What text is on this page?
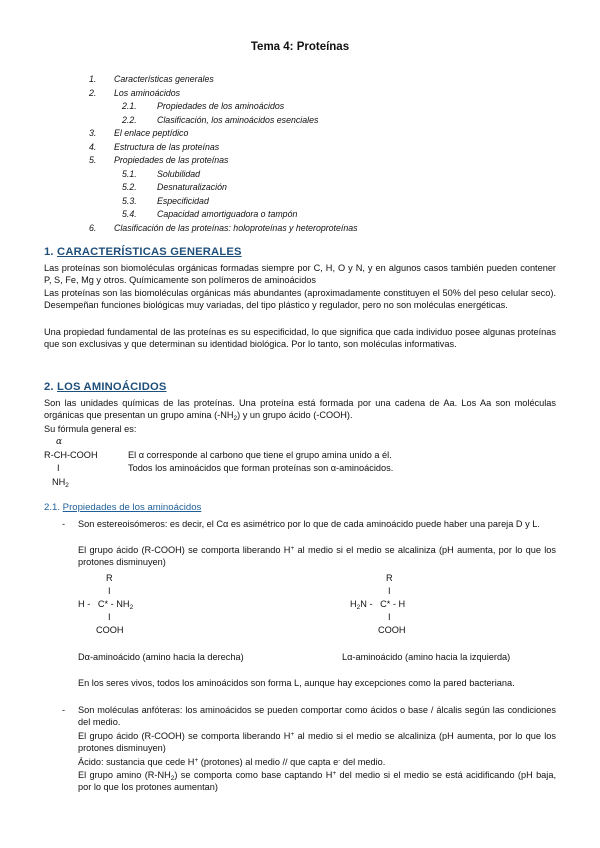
Tema 4: Proteínas
1. Características generales
2. Los aminoácidos
2.1. Propiedades de los aminoácidos
2.2. Clasificación, los aminoácidos esenciales
3. El enlace peptídico
4. Estructura de las proteínas
5. Propiedades de las proteínas
5.1. Solubilidad
5.2. Desnaturalización
5.3. Especificidad
5.4. Capacidad amortiguadora o tampón
6. Clasificación de las proteínas: holoproteínas y heteroproteínas
1. CARACTERÍSTICAS GENERALES
Las proteínas son biomoléculas orgánicas formadas siempre por C, H, O y N, y en algunos casos también pueden contener P, S, Fe, Mg y otros. Químicamente son polímeros de aminoácidos
Las proteínas son las biomoléculas orgánicas más abundantes (aproximadamente constituyen el 50% del peso celular seco). Desempeñan funciones biológicas muy variadas, del tipo plástico y regulador, pero no son moléculas energéticas.
Una propiedad fundamental de las proteínas es su especificidad, lo que significa que cada individuo posee algunas proteínas que son exclusivas y que determinan su identidad biológica. Por lo tanto, son moléculas informativas.
2. LOS AMINOÁCIDOS
Son las unidades químicas de las proteínas. Una proteína está formada por una cadena de Aa. Los Aa son moléculas orgánicas que presentan un grupo amina $(-NH_2)$ y un grupo ácido (-COOH).
Su fórmula general es:
α
R-CH-COOH
I
$NH_2$
El α corresponde al carbono que tiene el grupo amina unido a él.
Todos los aminoácidos que forman proteínas son α-aminoácidos.
2.1. Propiedades de los aminoácidos
- Son estereoisómeros: es decir, el Cα es asimétrico por lo que de cada aminoácido puede haber una pareja D y L.
El grupo ácido (R-COOH) se comporta liberando H+ al medio si el medio se alcaliniza (pH aumenta, por lo que los protones disminuyen)
R
I
H -   $C* - NH_2$
I
COOH
R
I
$H_2N - C*$ - H
I
COOH
Dα-aminoácido (amino hacia la derecha)	Lα-aminoácido (amino hacia la izquierda)
En los seres vivos, todos los aminoácidos son forma L, aunque hay excepciones como la pared bacteriana.
- Son moléculas anfóteras: los aminoácidos se pueden comportar como ácidos o base / álcalis según las condiciones del medio.
El grupo ácido (R-COOH) se comporta liberando H+ al medio si el medio se alcaliniza (pH aumenta, por lo que los protones disminuyen)
Ácido: sustancia que cede H+ (protones) al medio // que capta e- del medio.
El grupo amino $(R-NH_2)$ se comporta como base captando H+ del medio si el medio se está acidificando (pH baja, por lo que los protones aumentan)
